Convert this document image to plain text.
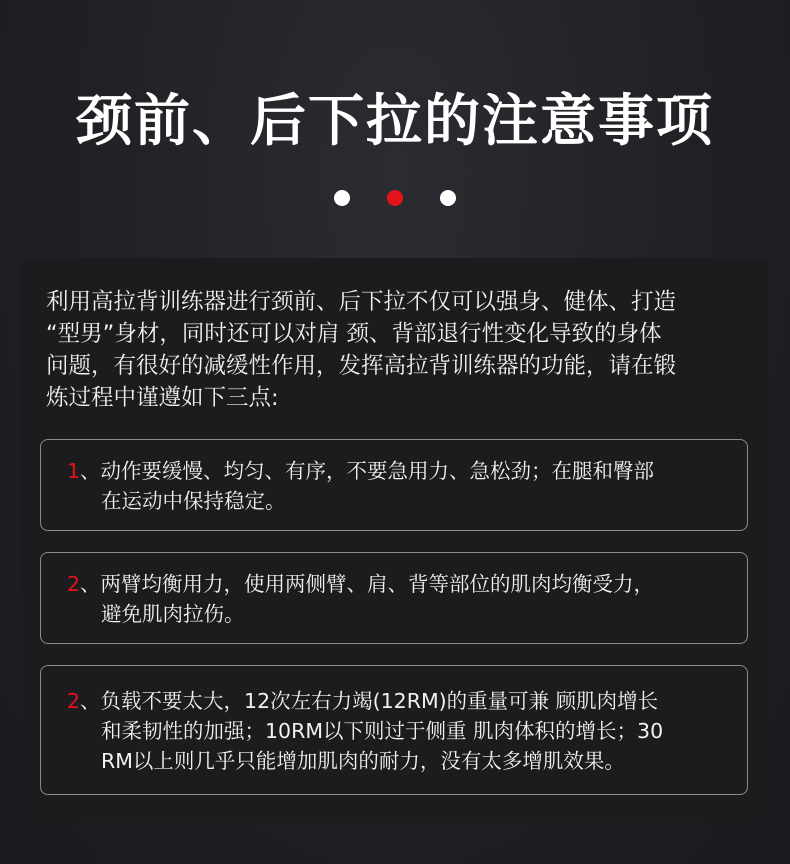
颈前、后下拉的注意事项
利用高拉背训练器进行颈前、后下拉不仅可以强身、健体、打造
“型男”身材，同时还可以对肩 颈、背部退行性变化导致的身体
问题，有很好的减缓性作用，发挥高拉背训练器的功能，请在锻
炼过程中谨遵如下三点:
1、动作要缓慢、均匀、有序，不要急用力、急松劲；在腿和臀部
在运动中保持稳定。
2、两臂均衡用力，使用两侧臂、肩、背等部位的肌肉均衡受力，
避免肌肉拉伤。
2、负载不要太大，12次左右力竭(12RM)的重量可兼 顾肌肉增长
和柔韧性的加强；10RM以下则过于侧重 肌肉体积的增长；30
RM以上则几乎只能增加肌肉的耐力，没有太多增肌效果。
